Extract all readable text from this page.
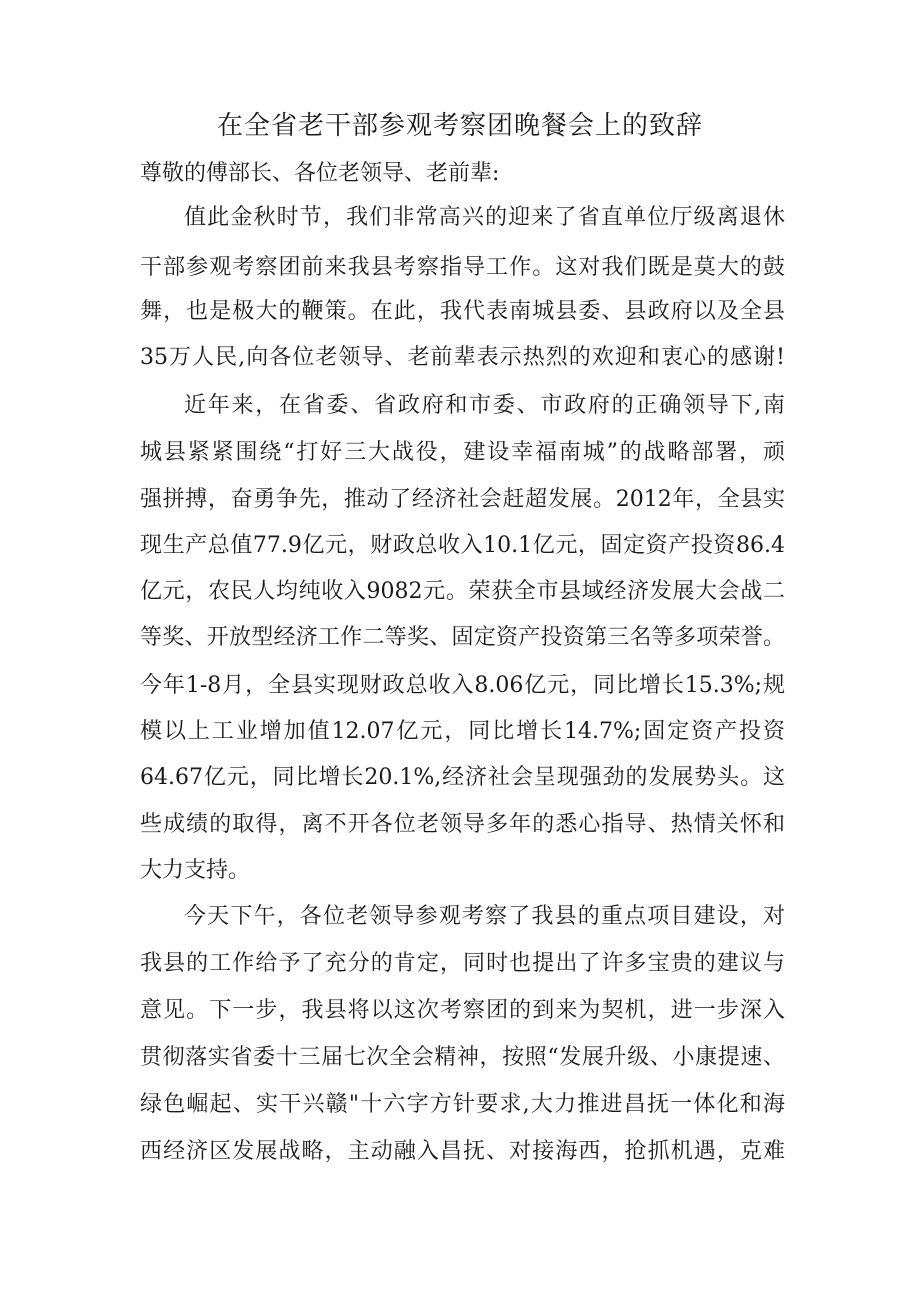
在全省老干部参观考察团晚餐会上的致辞
尊敬的傅部长、各位老领导、老前辈:
值此金秋时节，我们非常高兴的迎来了省直单位厅级离退休
干部参观考察团前来我县考察指导工作。这对我们既是莫大的鼓
舞，也是极大的鞭策。在此，我代表南城县委、县政府以及全县
35万人民,向各位老领导、老前辈表示热烈的欢迎和衷心的感谢!
近年来，在省委、省政府和市委、市政府的正确领导下,南
城县紧紧围绕“打好三大战役，建设幸福南城”的战略部署，顽
强拼搏，奋勇争先，推动了经济社会赶超发展。2012年，全县实
现生产总值77.9亿元，财政总收入10.1亿元，固定资产投资86.4
亿元，农民人均纯收入9082元。荣获全市县域经济发展大会战二
等奖、开放型经济工作二等奖、固定资产投资第三名等多项荣誉。
今年1-8月，全县实现财政总收入8.06亿元，同比增长15.3%;规
模以上工业增加值12.07亿元，同比增长14.7%;固定资产投资
64.67亿元，同比增长20.1%,经济社会呈现强劲的发展势头。这
些成绩的取得，离不开各位老领导多年的悉心指导、热情关怀和
大力支持。
今天下午，各位老领导参观考察了我县的重点项目建设，对
我县的工作给予了充分的肯定，同时也提出了许多宝贵的建议与
意见。下一步，我县将以这次考察团的到来为契机，进一步深入
贯彻落实省委十三届七次全会精神，按照“发展升级、小康提速、
绿色崛起、实干兴赣"十六字方针要求,大力推进昌抚一体化和海
西经济区发展战略，主动融入昌抚、对接海西，抢抓机遇，克难
